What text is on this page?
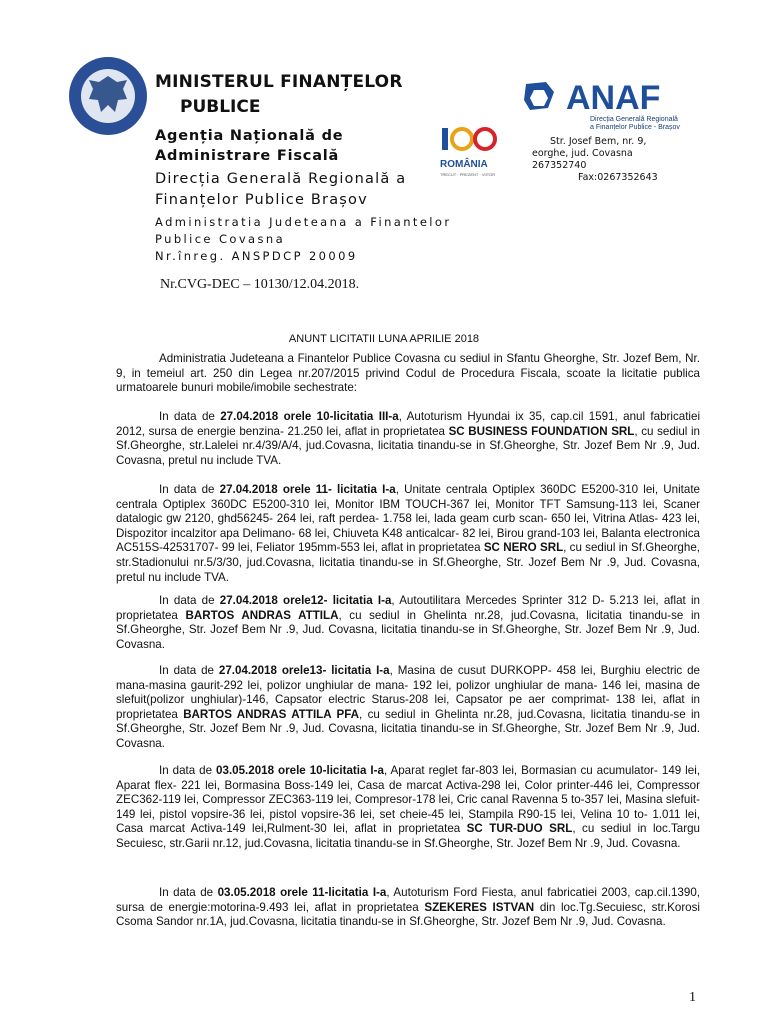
MINISTERUL FINANȚELOR
PUBLICE
Agenția Națională de
Administrare Fiscală
Direcția Generală Regională a
Finanțelor Publice Brașov
Administratia Judeteana a Finantelor
Publice Covasna
Nr.înreg. ANSPDCP 20009
Nr.CVG-DEC – 10130/12.04.2018.
ROMÂNIA
TRECUT · PREZENT · VIITOR
ANAF
Direcția Generală Regională
a Finanțelor Publice - Brașov
Str. Josef Bem, nr. 9,
eorghe, jud. Covasna
267352740
Fax:0267352643
ANUNT LICITATII LUNA APRILIE 2018

Administratia Judeteana a Finantelor Publice Covasna cu sediul in Sfantu Gheorghe, Str. Jozef Bem, Nr. 9, in temeiul art. 250 din Legea nr.207/2015 privind Codul de Procedura Fiscala, scoate la licitatie publica urmatoarele bunuri mobile/imobile sechestrate:

In data de 27.04.2018 orele 10-licitatia III-a, Autoturism Hyundai ix 35, cap.cil 1591, anul fabricatiei 2012, sursa de energie benzina- 21.250 lei, aflat in proprietatea SC BUSINESS FOUNDATION SRL, cu sediul in Sf.Gheorghe, str.Lalelei nr.4/39/A/4, jud.Covasna, licitatia tinandu-se in Sf.Gheorghe, Str. Jozef Bem Nr .9, Jud. Covasna, pretul nu include TVA.

In data de 27.04.2018 orele 11- licitatia I-a, Unitate centrala Optiplex 360DC E5200-310 lei, Unitate centrala Optiplex 360DC E5200-310 lei, Monitor IBM TOUCH-367 lei, Monitor TFT Samsung-113 lei, Scaner datalogic gw 2120, ghd56245- 264 lei, raft perdea- 1.758 lei, lada geam curb scan- 650 lei, Vitrina Atlas- 423 lei, Dispozitor incalzitor apa Delimano- 68 lei, Chiuveta K48 anticalcar- 82 lei, Birou grand-103 lei, Balanta electronica AC515S-42531707- 99 lei, Feliator 195mm-553 lei, aflat in proprietatea SC NERO SRL, cu sediul in Sf.Gheorghe, str.Stadionului nr.5/3/30, jud.Covasna, licitatia tinandu-se in Sf.Gheorghe, Str. Jozef Bem Nr .9, Jud. Covasna, pretul nu include TVA.

In data de 27.04.2018 orele12- licitatia I-a, Autoutilitara Mercedes Sprinter 312 D- 5.213 lei, aflat in proprietatea BARTOS ANDRAS ATTILA, cu sediul in Ghelinta nr.28, jud.Covasna, licitatia tinandu-se in Sf.Gheorghe, Str. Jozef Bem Nr .9, Jud. Covasna, licitatia tinandu-se in Sf.Gheorghe, Str. Jozef Bem Nr .9, Jud. Covasna.

In data de 27.04.2018 orele13- licitatia I-a, Masina de cusut DURKOPP- 458 lei, Burghiu electric de mana-masina gaurit-292 lei, polizor unghiular de mana- 192 lei, polizor unghiular de mana- 146 lei, masina de slefuit(polizor unghiular)-146, Capsator electric Starus-208 lei, Capsator pe aer comprimat- 138 lei, aflat in proprietatea BARTOS ANDRAS ATTILA PFA, cu sediul in Ghelinta nr.28, jud.Covasna, licitatia tinandu-se in Sf.Gheorghe, Str. Jozef Bem Nr .9, Jud. Covasna, licitatia tinandu-se in Sf.Gheorghe, Str. Jozef Bem Nr .9, Jud. Covasna.

In data de 03.05.2018 orele 10-licitatia I-a, Aparat reglet far-803 lei, Bormasian cu acumulator- 149 lei, Aparat flex- 221 lei, Bormasina Boss-149 lei, Casa de marcat Activa-298 lei, Color printer-446 lei, Compressor ZEC362-119 lei, Compressor ZEC363-119 lei, Compresor-178 lei, Cric canal Ravenna 5 to-357 lei, Masina slefuit-149 lei, pistol vopsire-36 lei, pistol vopsire-36 lei, set cheie-45 lei, Stampila R90-15 lei, Velina 10 to- 1.011 lei, Casa marcat Activa-149 lei,Rulment-30 lei, aflat in proprietatea SC TUR-DUO SRL, cu sediul in loc.Targu Secuiesc, str.Garii nr.12, jud.Covasna, licitatia tinandu-se in Sf.Gheorghe, Str. Jozef Bem Nr .9, Jud. Covasna.

In data de 03.05.2018 orele 11-licitatia I-a, Autoturism Ford Fiesta, anul fabricatiei 2003, cap.cil.1390, sursa de energie:motorina-9.493 lei, aflat in proprietatea SZEKERES ISTVAN din loc.Tg.Secuiesc, str.Korosi Csoma Sandor nr.1A, jud.Covasna, licitatia tinandu-se in Sf.Gheorghe, Str. Jozef Bem Nr .9, Jud. Covasna.

1
